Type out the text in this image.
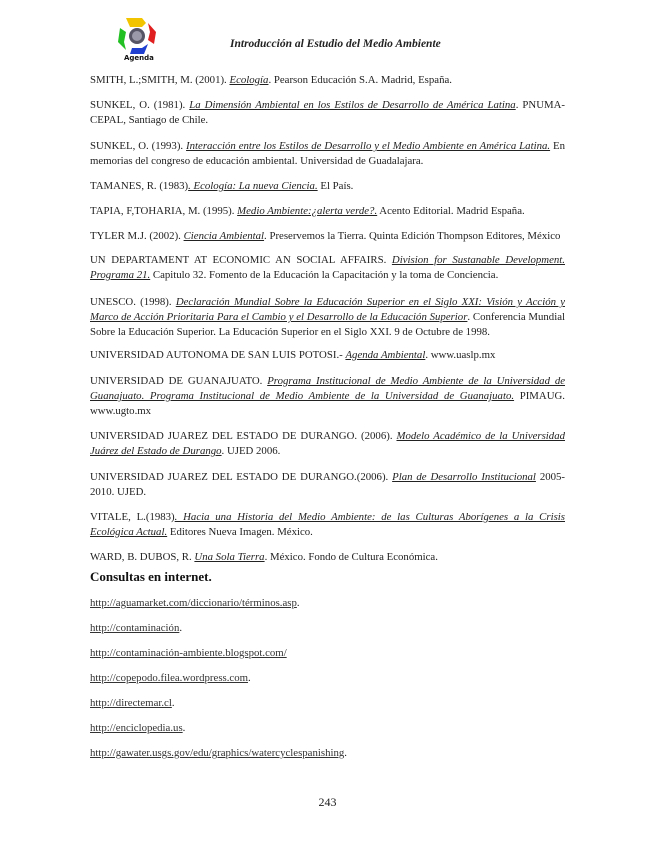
Agenda
Introducción al Estudio del Medio Ambiente
SMITH, L.;SMITH, M. (2001). Ecología. Pearson Educación S.A. Madrid, España.
SUNKEL, O. (1981). La Dimensión Ambiental en los Estilos de Desarrollo de América Latina. PNUMA-CEPAL, Santiago de Chile.
SUNKEL, O. (1993). Interacción entre los Estilos de Desarrollo y el Medio Ambiente en América Latina. En memorias del congreso de educación ambiental. Universidad de Guadalajara.
TAMANES, R. (1983). Ecología: La nueva Ciencia. El País.
TAPIA, F,TOHARIA, M. (1995). Medio Ambiente:¿alerta verde?. Acento Editorial. Madrid España.
TYLER M.J. (2002). Ciencia Ambiental. Preservemos la Tierra. Quinta Edición Thompson Editores, México
UN DEPARTAMENT AT ECONOMIC AN SOCIAL AFFAIRS. Division for Sustanable Development. Programa 21. Capitulo 32. Fomento de la Educación la Capacitación y la toma de Conciencia.
UNESCO. (1998). Declaración Mundial Sobre la Educación Superior en el Siglo XXI: Visión y Acción y Marco de Acción Prioritaria Para el Cambio y el Desarrollo de la Educación Superior. Conferencia Mundial Sobre la Educación Superior. La Educación Superior en el Siglo XXI. 9 de Octubre de 1998.
UNIVERSIDAD AUTONOMA DE SAN LUIS POTOSI.- Agenda Ambiental. www.uaslp.mx
UNIVERSIDAD DE GUANAJUATO. Programa Institucional de Medio Ambiente de la Universidad de Guanajuato. Programa Institucional de Medio Ambiente de la Universidad de Guanajuato. PIMAUG. www.ugto.mx
UNIVERSIDAD JUAREZ DEL ESTADO DE DURANGO. (2006). Modelo Académico de la Universidad Juárez del Estado de Durango. UJED 2006.
UNIVERSIDAD JUAREZ DEL ESTADO DE DURANGO.(2006). Plan de Desarrollo Institucional 2005-2010. UJED.
VITALE, L.(1983). Hacia una Historia del Medio Ambiente: de las Culturas Aborígenes a la Crisis Ecológica Actual. Editores Nueva Imagen. México.
WARD, B. DUBOS, R. Una Sola Tierra. México. Fondo de Cultura Económica.
Consultas en internet.
http://aguamarket.com/diccionario/términos.asp.
http://contaminación.
http://contaminación-ambiente.blogspot.com/
http://copepodo.filea.wordpress.com.
http://directemar.cl.
http://enciclopedia.us.
http://gawater.usgs.gov/edu/graphics/watercyclespanishing.
243
